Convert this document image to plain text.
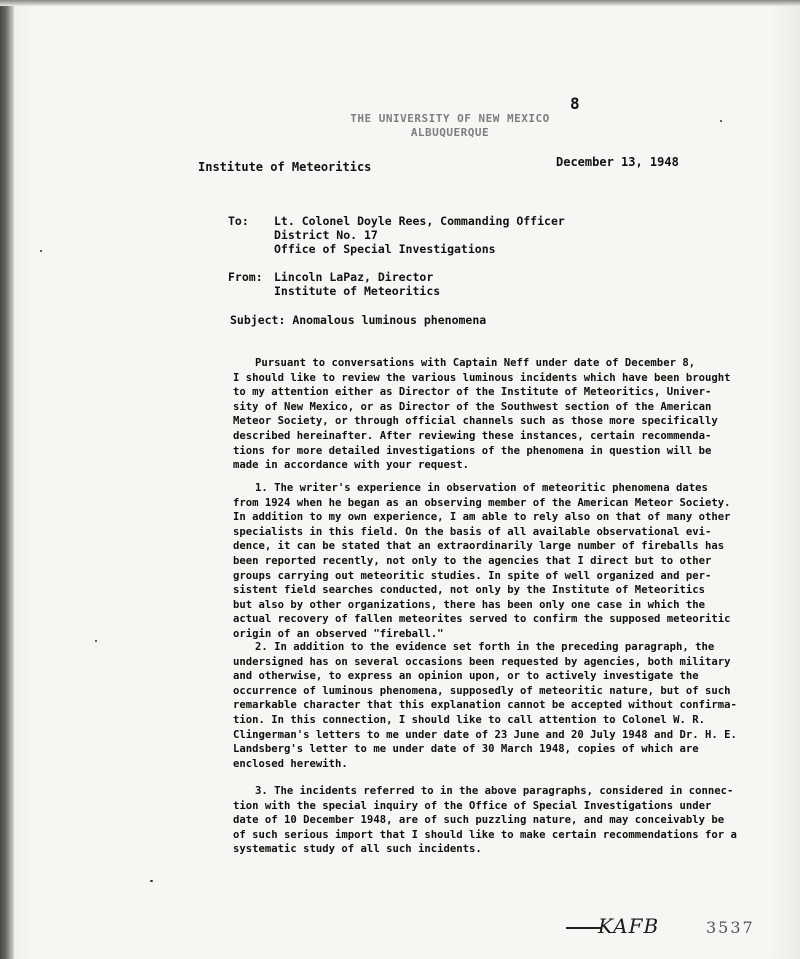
8
THE UNIVERSITY OF NEW MEXICO
ALBUQUERQUE
Institute of Meteoritics	December 13, 1948
To: Lt. Colonel Doyle Rees, Commanding Officer
District No. 17
Office of Special Investigations
From: Lincoln LaPaz, Director
Institute of Meteoritics
Subject: Anomalous luminous phenomena

Pursuant to conversations with Captain Neff under date of December 8,

I should like to review the various luminous incidents which have been brought

to my attention either as Director of the Institute of Meteoritics, Univer-

sity of New Mexico, or as Director of the Southwest section of the American

Meteor Society, or through official channels such as those more specifically

described hereinafter. After reviewing these instances, certain recommenda-

tions for more detailed investigations of the phenomena in question will be

made in accordance with your request.

1. The writer's experience in observation of meteoritic phenomena dates

from 1924 when he began as an observing member of the American Meteor Society.

In addition to my own experience, I am able to rely also on that of many other

specialists in this field. On the basis of all available observational evi-

dence, it can be stated that an extraordinarily large number of fireballs has

been reported recently, not only to the agencies that I direct but to other

groups carrying out meteoritic studies. In spite of well organized and per-

sistent field searches conducted, not only by the Institute of Meteoritics

but also by other organizations, there has been only one case in which the

actual recovery of fallen meteorites served to confirm the supposed meteoritic

origin of an observed "fireball."

2. In addition to the evidence set forth in the preceding paragraph, the

undersigned has on several occasions been requested by agencies, both military

and otherwise, to express an opinion upon, or to actively investigate the

occurrence of luminous phenomena, supposedly of meteoritic nature, but of such

remarkable character that this explanation cannot be accepted without confirma-

tion. In this connection, I should like to call attention to Colonel W. R.

Clingerman's letters to me under date of 23 June and 20 July 1948 and Dr. H. E.

Landsberg's letter to me under date of 30 March 1948, copies of which are

enclosed herewith.

3. The incidents referred to in the above paragraphs, considered in connec-

tion with the special inquiry of the Office of Special Investigations under

date of 10 December 1948, are of such puzzling nature, and may conceivably be

of such serious import that I should like to make certain recommendations for a

systematic study of all such incidents.

KAFB	3537
